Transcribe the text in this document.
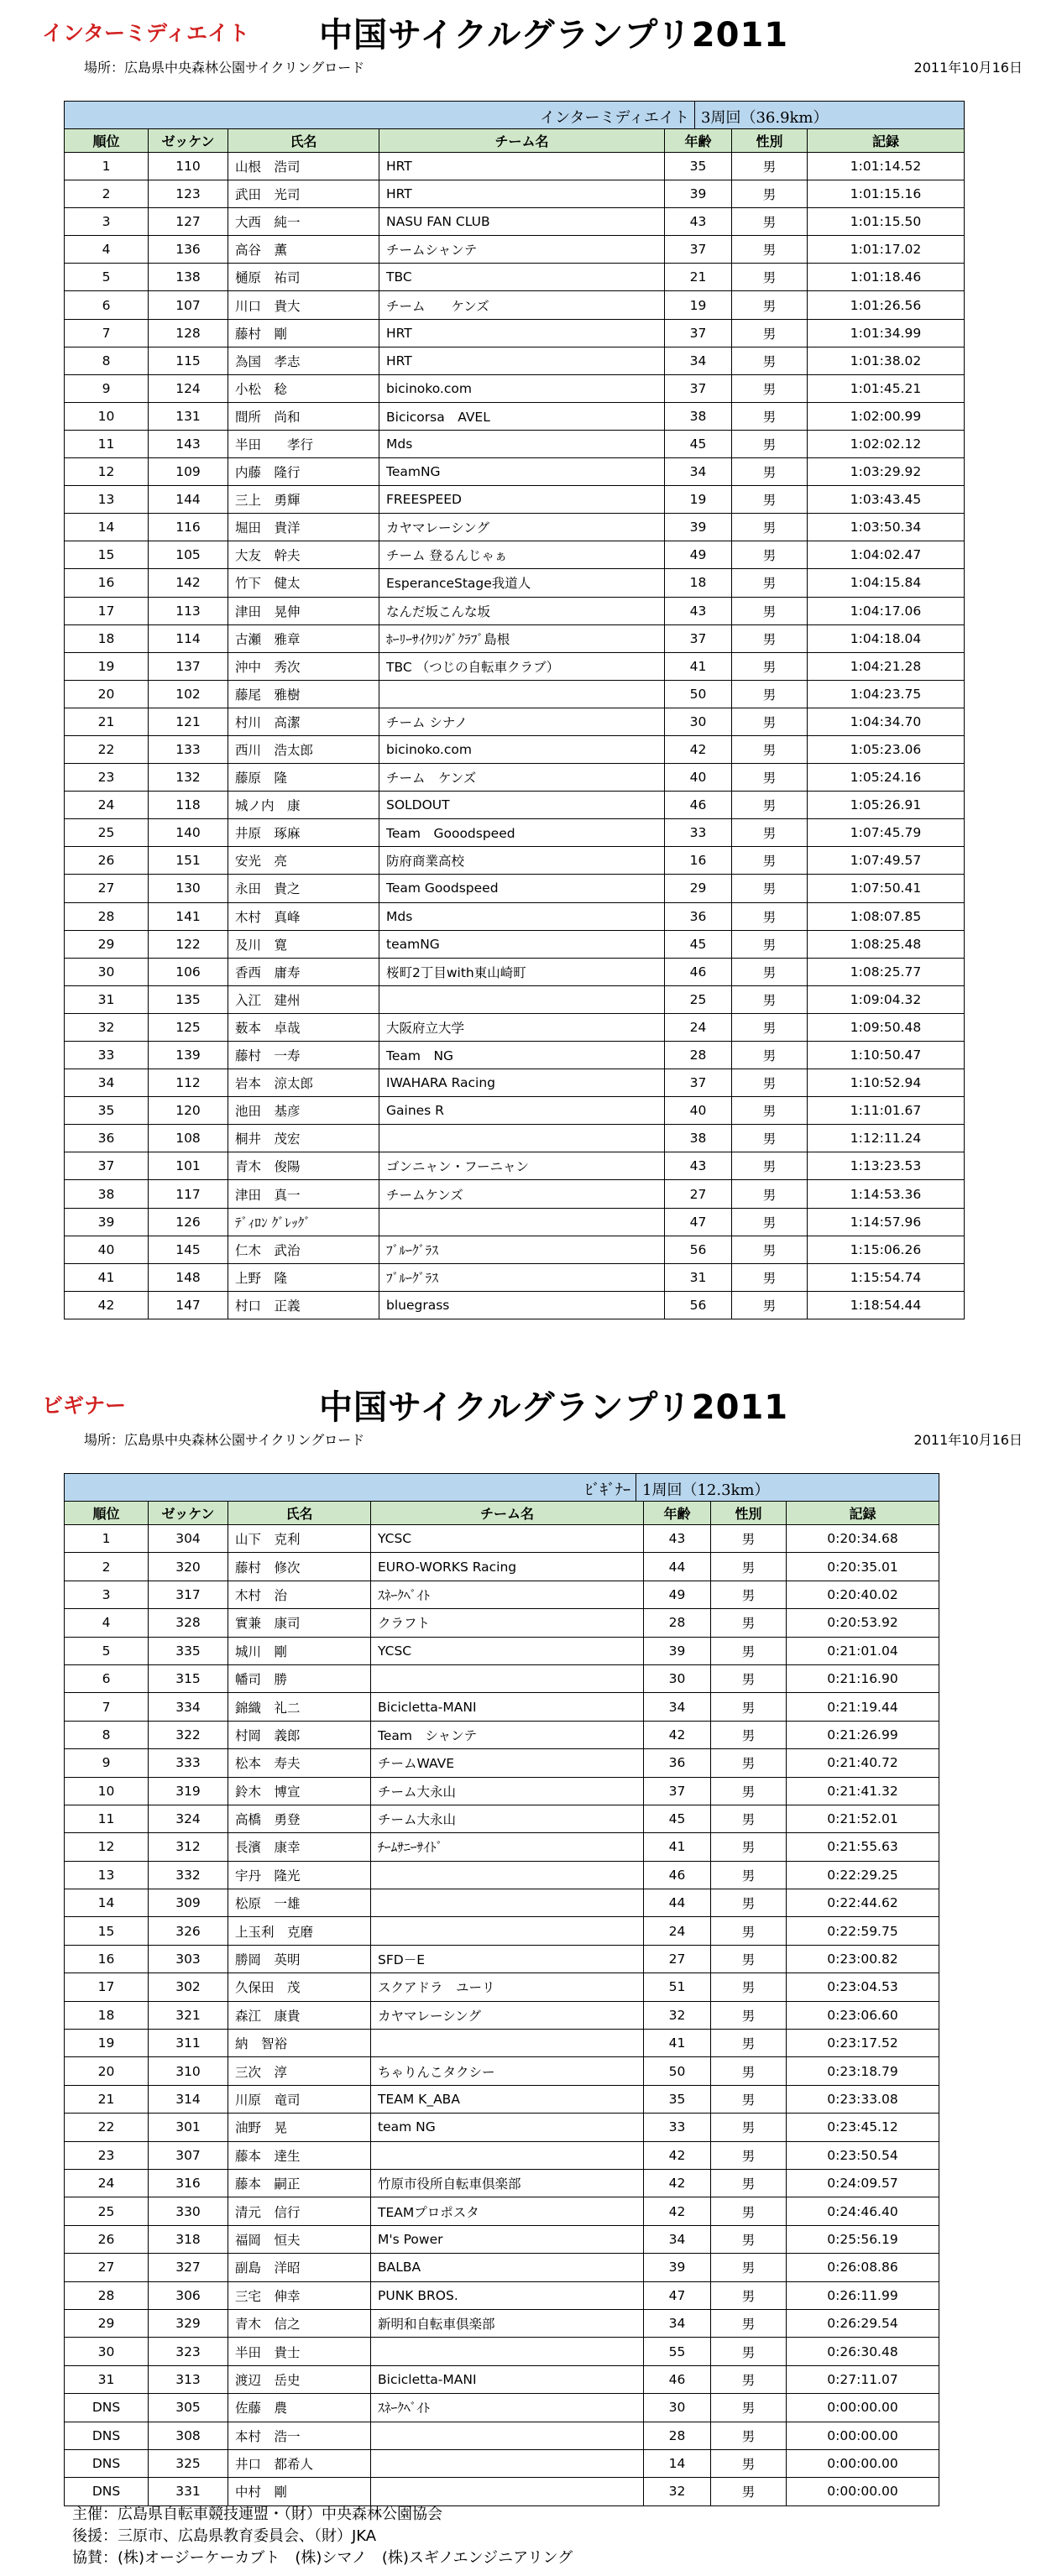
インターミディエイト 中国サイクルグランプリ2011
場所：広島県中央森林公園サイクリングロード	2011年10月16日
インターミディエイト 3周回（36.9km）						

順位	ゼッケン	氏名	チーム名	年齢	性別	記録
1	110	山根　浩司	HRT	35	男	1:01:14.52
2	123	武田　光司	HRT	39	男	1:01:15.16
3	127	大西　純一	NASU FAN CLUB	43	男	1:01:15.50
4	136	高谷　薫	チームシャンテ	37	男	1:01:17.02
5	138	樋原　祐司	TBC	21	男	1:01:18.46
6	107	川口　貴大	チーム　　ケンズ	19	男	1:01:26.56
7	128	藤村　剛	HRT	37	男	1:01:34.99
8	115	為国　孝志	HRT	34	男	1:01:38.02
9	124	小松　稔	bicinoko.com	37	男	1:01:45.21
10	131	間所　尚和	Bicicorsa　AVEL	38	男	1:02:00.99
11	143	半田　　孝行	Mds	45	男	1:02:02.12
12	109	内藤　隆行	TeamNG	34	男	1:03:29.92
13	144	三上　勇輝	FREESPEED	19	男	1:03:43.45
14	116	堀田　貴洋	カヤマレーシング	39	男	1:03:50.34
15	105	大友　幹夫	チーム 登るんじゃぁ	49	男	1:04:02.47
16	142	竹下　健太	EsperanceStage我道人	18	男	1:04:15.84
17	113	津田　晃伸	なんだ坂こんな坂	43	男	1:04:17.06
18	114	古瀬　雅章	ﾎｰﾘｰｻｲｸﾘﾝｸﾞｸﾗﾌﾞ島根	37	男	1:04:18.04
19	137	沖中　秀次	TBC （つじの自転車クラブ）	41	男	1:04:21.28
20	102	藤尾　雅樹		50	男	1:04:23.75
21	121	村川　高潔	チーム シナノ	30	男	1:04:34.70
22	133	西川　浩太郎	bicinoko.com	42	男	1:05:23.06
23	132	藤原　隆	チーム　ケンズ	40	男	1:05:24.16
24	118	城ノ内　康	SOLDOUT	46	男	1:05:26.91
25	140	井原　琢麻	Team　Gooodspeed	33	男	1:07:45.79
26	151	安光　亮	防府商業高校	16	男	1:07:49.57
27	130	永田　貴之	Team Goodspeed	29	男	1:07:50.41
28	141	木村　真峰	Mds	36	男	1:08:07.85
29	122	及川　寛	teamNG	45	男	1:08:25.48
30	106	香西　庸寿	桜町2丁目with東山崎町	46	男	1:08:25.77
31	135	入江　建州		25	男	1:09:04.32
32	125	薮本　卓哉	大阪府立大学	24	男	1:09:50.48
33	139	藤村　一寿	Team　NG	28	男	1:10:50.47
34	112	岩本　涼太郎	IWAHARA Racing	37	男	1:10:52.94
35	120	池田　基彦	Gaines R	40	男	1:11:01.67
36	108	桐井　茂宏		38	男	1:12:11.24
37	101	青木　俊陽	ゴンニャン・フーニャン	43	男	1:13:23.53
38	117	津田　真一	チームケンズ	27	男	1:14:53.36
39	126	ﾃﾞｨﾛﾝ ｸﾞﾚｯｸﾞ		47	男	1:14:57.96
40	145	仁木　武治	ﾌﾞﾙｰｸﾞﾗｽ	56	男	1:15:06.26
41	148	上野　隆	ﾌﾞﾙｰｸﾞﾗｽ	31	男	1:15:54.74
42	147	村口　正義	bluegrass	56	男	1:18:54.44
ビギナー	中国サイクルグランプリ2011
場所：広島県中央森林公園サイクリングロード	2011年10月16日
ﾋﾞｷﾞﾅｰ 1周回（12.3km）						

順位	ゼッケン	氏名	チーム名	年齢	性別	記録
1	304	山下　克利	YCSC	43	男	0:20:34.68
2	320	藤村　修次	EURO-WORKS Racing	44	男	0:20:35.01
3	317	木村　治	ｽﾈｰｸﾍﾞｲﾄ	49	男	0:20:40.02
4	328	實兼　康司	クラフト	28	男	0:20:53.92
5	335	城川　剛	YCSC	39	男	0:21:01.04
6	315	幡司　勝		30	男	0:21:16.90
7	334	錦織　礼二	Bicicletta-MANI	34	男	0:21:19.44
8	322	村岡　義郎	Team　シャンテ	42	男	0:21:26.99
9	333	松本　寿夫	チームWAVE	36	男	0:21:40.72
10	319	鈴木　博宣	チーム大永山	37	男	0:21:41.32
11	324	高橋　勇登	チーム大永山	45	男	0:21:52.01
12	312	長濱　康幸	ﾁｰﾑｻﾆｰｻｲﾄﾞ	41	男	0:21:55.63
13	332	宇丹　隆光		46	男	0:22:29.25
14	309	松原　一雄		44	男	0:22:44.62
15	326	上玉利　克磨		24	男	0:22:59.75
16	303	勝岡　英明	SFD－E	27	男	0:23:00.82
17	302	久保田　茂	スクアドラ　ユーリ	51	男	0:23:04.53
18	321	森江　康貴	カヤマレーシング	32	男	0:23:06.60
19	311	納　智裕		41	男	0:23:17.52
20	310	三次　淳	ちゃりんこタクシー	50	男	0:23:18.79
21	314	川原　竜司	TEAM K_ABA	35	男	0:23:33.08
22	301	油野　晃	team NG	33	男	0:23:45.12
23	307	藤本　達生		42	男	0:23:50.54
24	316	藤本　嗣正	竹原市役所自転車倶楽部	42	男	0:24:09.57
25	330	清元　信行	TEAMプロポスタ	42	男	0:24:46.40
26	318	福岡　恒夫	M's Power	34	男	0:25:56.19
27	327	副島　洋昭	BALBA	39	男	0:26:08.86
28	306	三宅　伸幸	PUNK BROS.	47	男	0:26:11.99
29	329	青木　信之	新明和自転車倶楽部	34	男	0:26:29.54
30	323	半田　貴士		55	男	0:26:30.48
31	313	渡辺　岳史	Bicicletta-MANI	46	男	0:27:11.07
DNS	305	佐藤　農	ｽﾈｰｸﾍﾞｲﾄ	30	男	0:00:00.00
DNS	308	本村　浩一		28	男	0:00:00.00
DNS	325	井口　都希人		14	男	0:00:00.00
DNS	331	中村　剛		32	男	0:00:00.00
主催：広島県自転車競技連盟・（財）中央森林公園協会
後援：三原市、広島県教育委員会、（財）JKA
協賛：(株)オージーケーカブト　(株)シマノ　(株)スギノエンジニアリング
